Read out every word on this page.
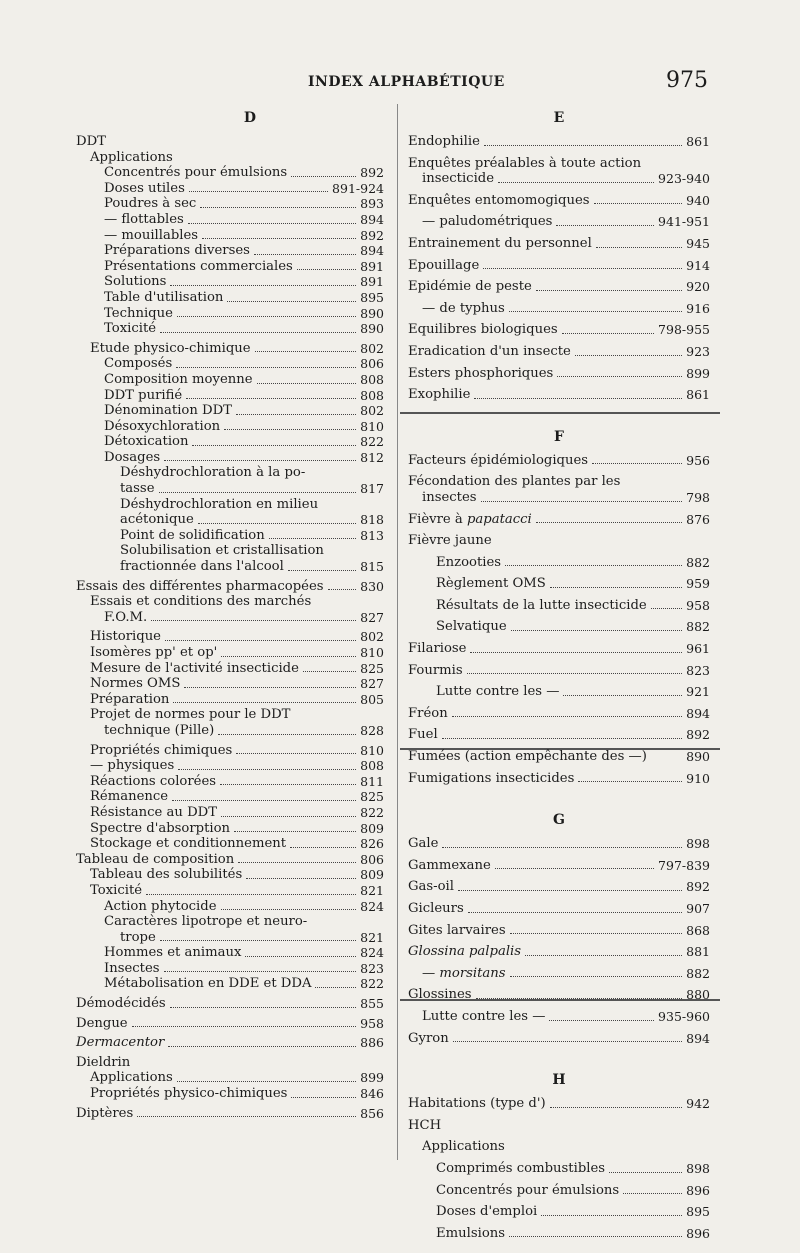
INDEX ALPHABÉTIQUE	975
D
DDT
Applications
Concentrés pour émulsions	892
Doses utiles	891-924
Poudres à sec	893
— flottables	894
— mouillables	892
Préparations diverses	894
Présentations commerciales	891
Solutions	891
Table d'utilisation	895
Technique	890
Toxicité	890
Etude physico-chimique	802
Composés	806
Composition moyenne	808
DDT purifié	808
Dénomination DDT	802
Désoxychloration	810
Détoxication	822
Dosages	812
Déshydrochloration à la po-
tasse	817
Déshydrochloration en milieu
acétonique	818
Point de solidification	813
Solubilisation et cristallisation
fractionnée dans l'alcool	815
Essais des différentes pharmacopées	830
Essais et conditions des marchés
F.O.M.	827
Historique	802
Isomères pp' et op'	810
Mesure de l'activité insecticide	825
Normes OMS	827
Préparation	805
Projet de normes pour le DDT
technique (Pille)	828
Propriétés chimiques	810
— physiques	808
Réactions colorées	811
Rémanence	825
Résistance au DDT	822
Spectre d'absorption	809
Stockage et conditionnement	826
Tableau de composition	806
Tableau des solubilités	809
Toxicité	821
Action phytocide	824
Caractères lipotrope et neuro-
trope	821
Hommes et animaux	824
Insectes	823
Métabolisation en DDE et DDA	822
Démodécidés	855
Dengue	958
Dermacentor	886
Dieldrin
Applications	899
Propriétés physico-chimiques	846
Diptères	856
E
Endophilie	861
Enquêtes préalables à toute action
insecticide	923-940
Enquêtes entomomogiques	940
— paludométriques	941-951
Entrainement du personnel	945
Epouillage	914
Epidémie de peste	920
— de typhus	916
Equilibres biologiques	798-955
Eradication d'un insecte	923
Esters phosphoriques	899
Exophilie	861
F
Facteurs épidémiologiques	956
Fécondation des plantes par les
insectes	798
Fièvre à papatacci	876
Fièvre jaune
Enzooties	882
Règlement OMS	959
Résultats de la lutte insecticide	958
Selvatique	882
Filariose	961
Fourmis	823
Lutte contre les —	921
Fréon	894
Fuel	892
Fumées (action empêchante des —)	890
Fumigations insecticides	910
G
Gale	898
Gammexane	797-839
Gas-oil	892
Gicleurs	907
Gites larvaires	868
Glossina palpalis	881
— morsitans	882
Glossines	880
Lutte contre les —	935-960
Gyron	894
H
Habitations (type d')	942
HCH
Applications
Comprimés combustibles	898
Concentrés pour émulsions	896
Doses d'emploi	895
Emulsions	896
